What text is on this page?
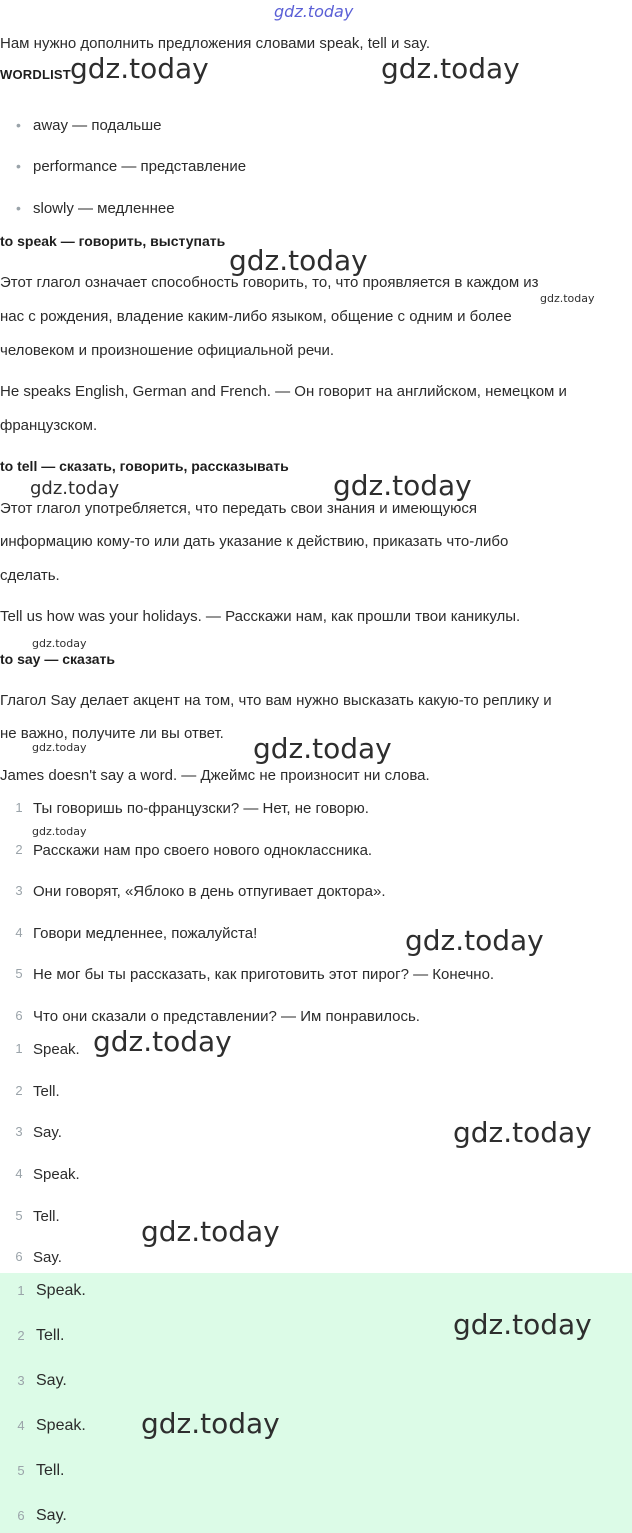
gdz.today
Нам нужно дополнить предложения словами speak, tell и say.
WORDLIST
• away — подальше
• performance — представление
• slowly — медленнее
to speak — говорить, выступать
Этот глагол означает способность говорить, то, что проявляется в каждом из
нас с рождения, владение каким-либо языком, общение с одним и более
человеком и произношение официальной речи.
He speaks English, German and French. — Он говорит на английском, немецком и
французском.
to tell — сказать, говорить, рассказывать
Этот глагол употребляется, что передать свои знания и имеющуюся
информацию кому-то или дать указание к действию, приказать что-либо
сделать.
Tell us how was your holidays. — Расскажи нам, как прошли твои каникулы.
to say — сказать
Глагол Say делает акцент на том, что вам нужно высказать какую-то реплику и
не важно, получите ли вы ответ.
James doesn't say a word. — Джеймс не произносит ни слова.
1 Ты говоришь по-французски? — Нет, не говорю.
2 Расскажи нам про своего нового одноклассника.
3 Они говорят, «Яблоко в день отпугивает доктора».
4 Говори медленнее, пожалуйста!
5 Не мог бы ты рассказать, как приготовить этот пирог? — Конечно.
6 Что они сказали о представлении? — Им понравилось.
1 Speak.
2 Tell.
3 Say.
4 Speak.
5 Tell.
6 Say.
1 Speak.
2 Tell.
3 Say.
4 Speak.
5 Tell.
6 Say.
gdz.today	gdz.today
gdz.today
gdz.today
gdz.today
gdz.today
gdz.today
gdz.today	gdz.today
gdz.today
gdz.today
gdz.today
gdz.today
gdz.today
gdz.today
gdz.today
